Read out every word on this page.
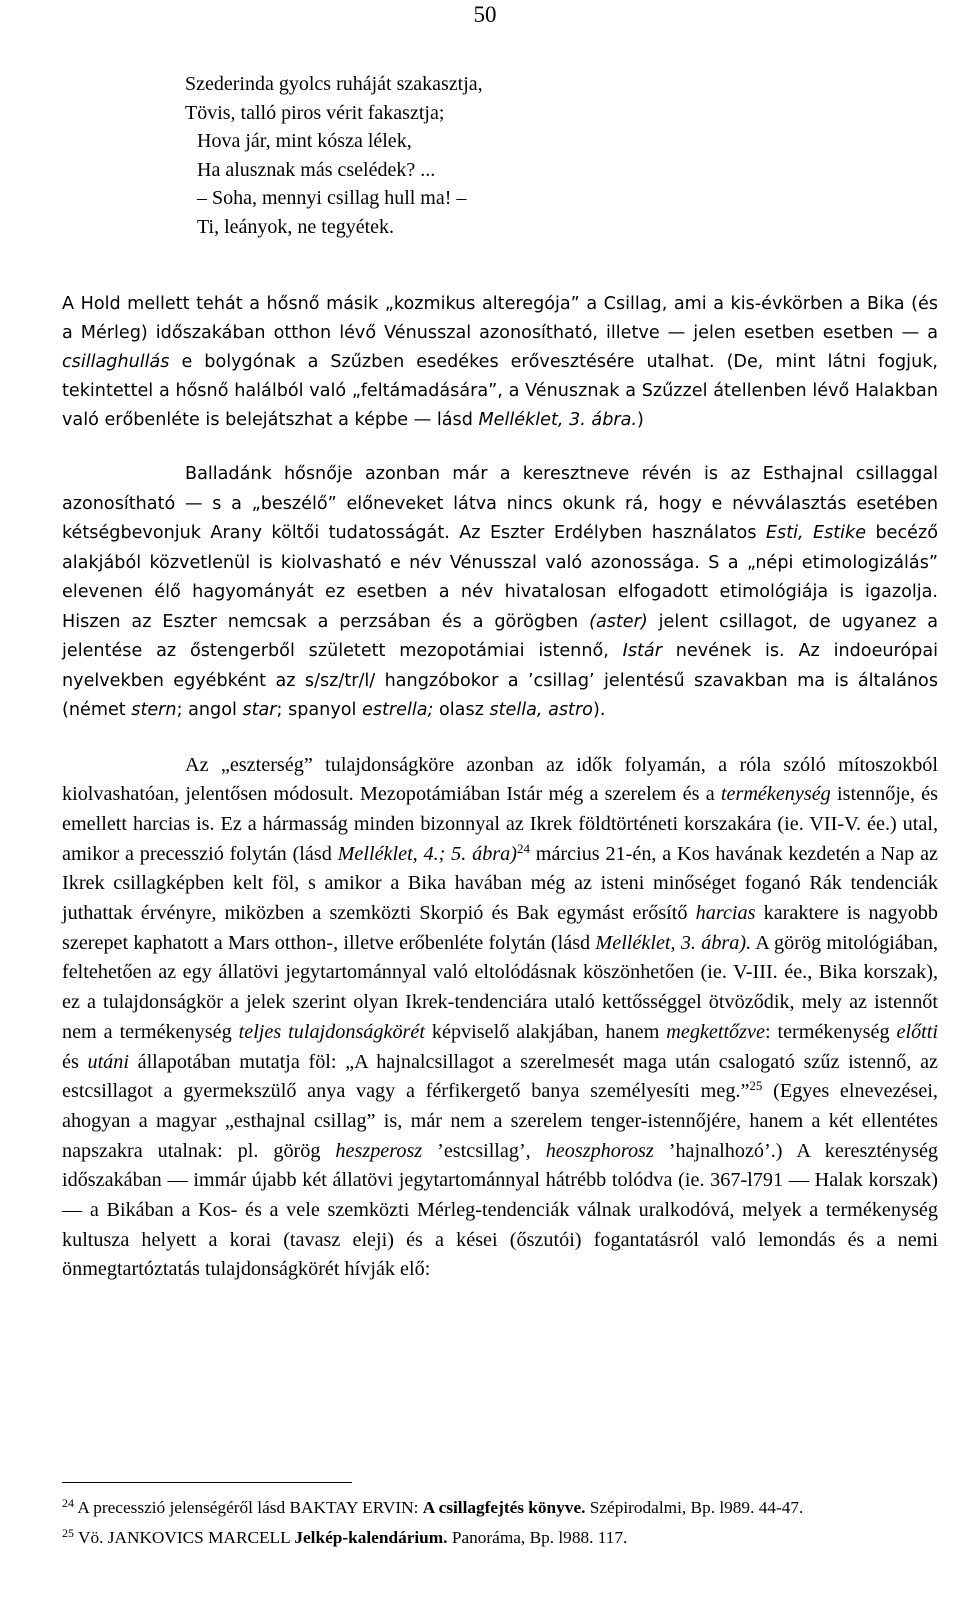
50
Szederinda gyolcs ruháját szakasztja,
Tövis, talló piros vérit fakasztja;
Hova jár, mint kósza lélek,
Ha alusznak más cselédek? ...
– Soha, mennyi csillag hull ma! –
Ti, leányok, ne tegyétek.

A Hold mellett tehát a hősnő másik „kozmikus alteregója” a Csillag, ami a kis-évkörben a Bika (és a Mérleg) időszakában otthon lévő Vénusszal azonosítható, illetve — jelen esetben esetben — a csillaghullás e bolygónak a Szűzben esedékes erővesztésére utalhat. (De, mint látni fogjuk, tekintettel a hősnő halálból való „feltámadására”, a Vénusznak a Szűzzel átellenben lévő Halakban való erőbenléte is belejátszhat a képbe — lásd Melléklet, 3. ábra.)

Balladánk hősnője azonban már a keresztneve révén is az Esthajnal csillaggal azonosítható — s a „beszélő” előneveket látva nincs okunk rá, hogy e névválasztás esetében kétségbevonjuk Arany költői tudatosságát. Az Eszter Erdélyben használatos Esti, Estike becéző alakjából közvetlenül is kiolvasható e név Vénusszal való azonossága. S a „népi etimologizálás” elevenen élő hagyományát ez esetben a név hivatalosan elfogadott etimológiája is igazolja. Hiszen az Eszter nemcsak a perzsában és a görögben (aster) jelent csillagot, de ugyanez a jelentése az őstengerből született mezopotámiai istennő, Istár nevének is. Az indoeurópai nyelvekben egyébként az s/sz/tr/l/ hangzóbokor a ’csillag’ jelentésű szavakban ma is általános (német stern; angol star; spanyol estrella; olasz stella, astro).

Az „eszterség” tulajdonságköre azonban az idők folyamán, a róla szóló mítoszokból kiolvashatóan, jelentősen módosult. Mezopotámiában Istár még a szerelem és a termékenység istennője, és emellett harcias is. Ez a hármasság minden bizonnyal az Ikrek földtörténeti korszakára (ie. VII-V. ée.) utal, amikor a precesszió folytán (lásd Melléklet, 4.; 5. ábra)$^{24}$ március 21-én, a Kos havának kezdetén a Nap az Ikrek csillagképben kelt föl, s amikor a Bika havában még az isteni minőséget foganó Rák tendenciák juthattak érvényre, miközben a szemközti Skorpió és Bak egymást erősítő harcias karaktere is nagyobb szerepet kaphatott a Mars otthon-, illetve erőbenléte folytán (lásd Melléklet, 3. ábra). A görög mitológiában, feltehetően az egy állatövi jegytartománnyal való eltolódásnak köszönhetően (ie. V-III. ée., Bika korszak), ez a tulajdonságkör a jelek szerint olyan Ikrek-tendenciára utaló kettősséggel ötvöződik, mely az istennőt nem a termékenység teljes tulajdonságkörét képviselő alakjában, hanem megkettőzve: termékenység előtti és utáni állapotában mutatja föl: „A hajnalcsillagot a szerelmesét maga után csalogató szűz istennő, az estcsillagot a gyermekszülő anya vagy a férfikergető banya személyesíti meg.”$^{25}$ (Egyes elnevezései, ahogyan a magyar „esthajnal csillag” is, már nem a szerelem tenger-istennőjére, hanem a két ellentétes napszakra utalnak: pl. görög heszperosz ’estcsillag’, heoszphorosz ’hajnalhozó’.) A kereszténység időszakában — immár újabb két állatövi jegytartománnyal hátrébb tolódva (ie. 367-l791 — Halak korszak) — a Bikában a Kos- és a vele szemközti Mérleg-tendenciák válnak uralkodóvá, melyek a termékenység kultusza helyett a korai (tavasz eleji) és a kései (őszutói) fogantatásról való lemondás és a nemi önmegtartóztatás tulajdonságkörét hívják elő:

$^{24}$ A precesszió jelenségéről lásd BAKTAY ERVIN: A csillagfejtés könyve. Szépirodalmi, Bp. l989. 44-47.

$^{25}$ Vö. JANKOVICS MARCELL Jelkép-kalendárium. Panoráma, Bp. l988. 117.
